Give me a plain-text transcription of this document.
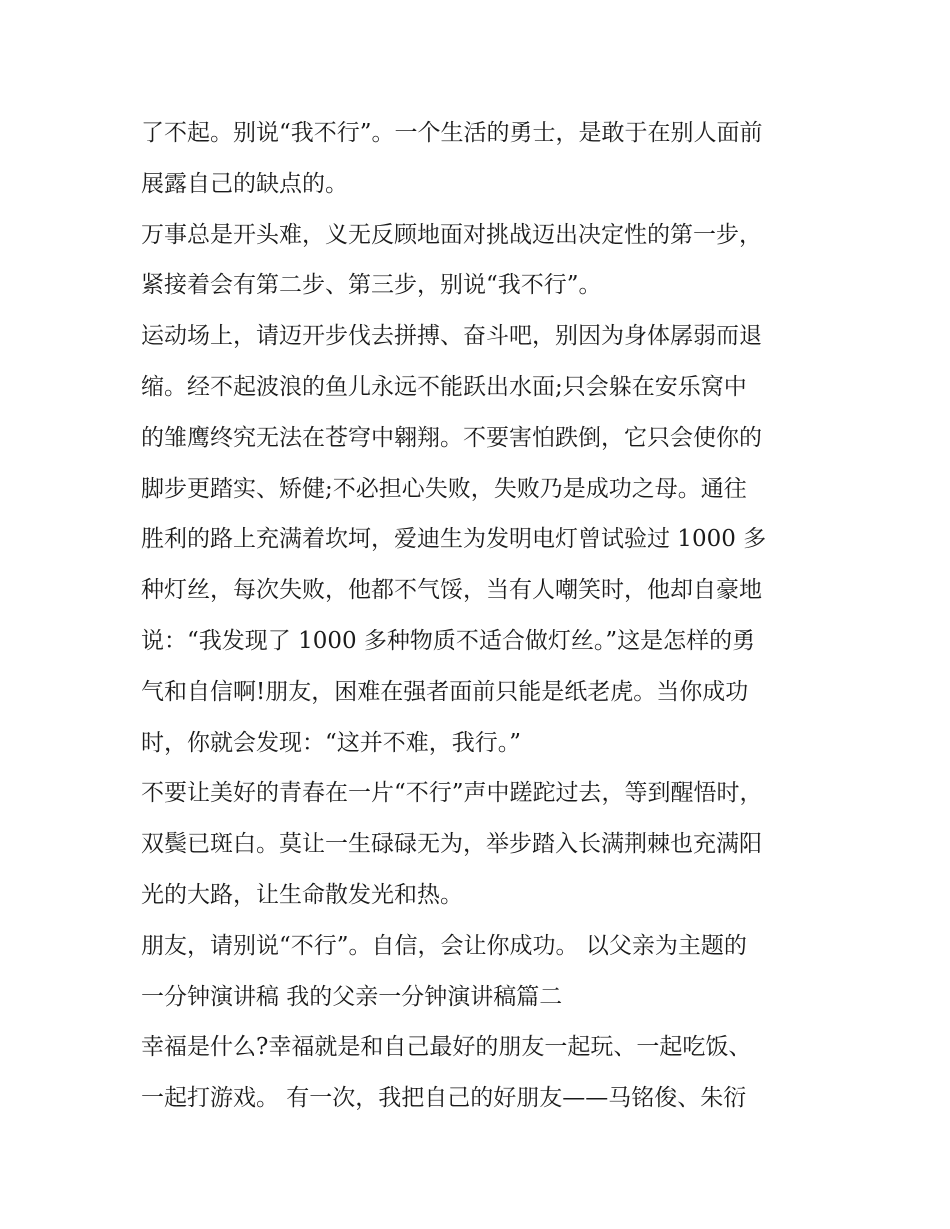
了不起。别说“我不行”。一个生活的勇士，是敢于在别人面前
展露自己的缺点的。
万事总是开头难，义无反顾地面对挑战迈出决定性的第一步，
紧接着会有第二步、第三步，别说“我不行”。
运动场上，请迈开步伐去拼搏、奋斗吧，别因为身体孱弱而退
缩。经不起波浪的鱼儿永远不能跃出水面;只会躲在安乐窝中
的雏鹰终究无法在苍穹中翱翔。不要害怕跌倒，它只会使你的
脚步更踏实、矫健;不必担心失败，失败乃是成功之母。通往
胜利的路上充满着坎坷，爱迪生为发明电灯曾试验过 1000 多
种灯丝，每次失败，他都不气馁，当有人嘲笑时，他却自豪地
说：“我发现了 1000 多种物质不适合做灯丝。”这是怎样的勇
气和自信啊!朋友，困难在强者面前只能是纸老虎。当你成功
时，你就会发现：“这并不难，我行。”
不要让美好的青春在一片“不行”声中蹉跎过去，等到醒悟时，
双鬓已斑白。莫让一生碌碌无为，举步踏入长满荆棘也充满阳
光的大路，让生命散发光和热。
朋友，请别说“不行”。自信，会让你成功。 以父亲为主题的
一分钟演讲稿 我的父亲一分钟演讲稿篇二
幸福是什么?幸福就是和自己最好的朋友一起玩、一起吃饭、
一起打游戏。 有一次，我把自己的好朋友——马铭俊、朱衍
